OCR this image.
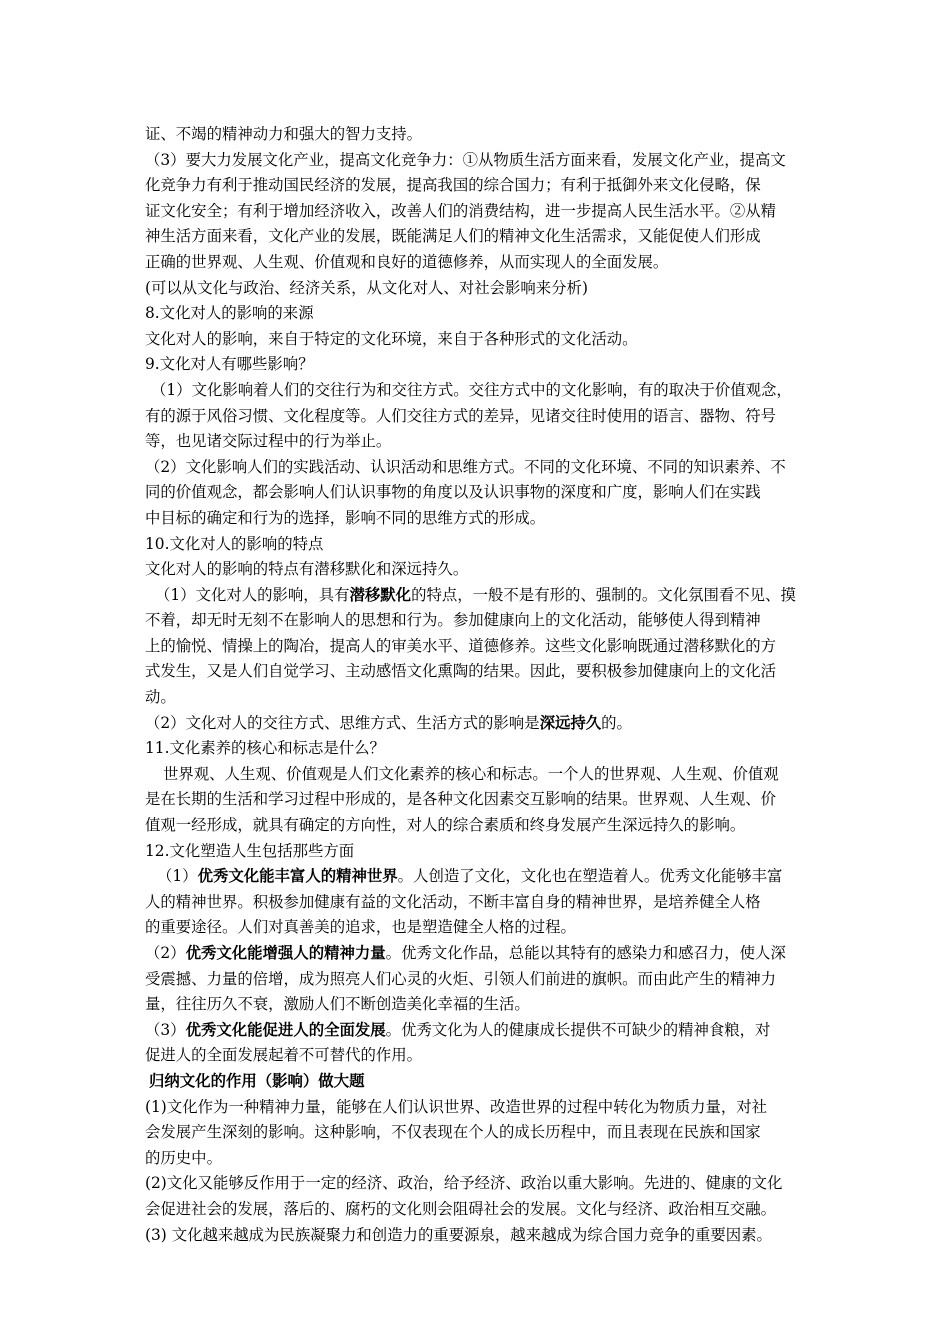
证、不竭的精神动力和强大的智力支持。
（3）要大力发展文化产业，提高文化竞争力：①从物质生活方面来看，发展文化产业，提高文
化竞争力有利于推动国民经济的发展，提高我国的综合国力；有利于抵御外来文化侵略，保
证文化安全；有利于增加经济收入，改善人们的消费结构，进一步提高人民生活水平。②从精
神生活方面来看，文化产业的发展，既能满足人们的精神文化生活需求，又能促使人们形成
正确的世界观、人生观、价值观和良好的道德修养，从而实现人的全面发展。
(可以从文化与政治、经济关系，从文化对人、对社会影响来分析)
8.文化对人的影响的来源
文化对人的影响，来自于特定的文化环境，来自于各种形式的文化活动。
9.文化对人有哪些影响？
（1）文化影响着人们的交往行为和交往方式。交往方式中的文化影响，有的取决于价值观念，
有的源于风俗习惯、文化程度等。人们交往方式的差异，见诸交往时使用的语言、器物、符号
等，也见诸交际过程中的行为举止。
（2）文化影响人们的实践活动、认识活动和思维方式。不同的文化环境、不同的知识素养、不
同的价值观念，都会影响人们认识事物的角度以及认识事物的深度和广度，影响人们在实践
中目标的确定和行为的选择，影响不同的思维方式的形成。
10.文化对人的影响的特点
文化对人的影响的特点有潜移默化和深远持久。
（1）文化对人的影响，具有潜移默化的特点，一般不是有形的、强制的。文化氛围看不见、摸
不着，却无时无刻不在影响人的思想和行为。参加健康向上的文化活动，能够使人得到精神
上的愉悦、情操上的陶冶，提高人的审美水平、道德修养。这些文化影响既通过潜移默化的方
式发生，又是人们自觉学习、主动感悟文化熏陶的结果。因此，要积极参加健康向上的文化活
动。
（2）文化对人的交往方式、思维方式、生活方式的影响是深远持久的。
11.文化素养的核心和标志是什么？
世界观、人生观、价值观是人们文化素养的核心和标志。一个人的世界观、人生观、价值观
是在长期的生活和学习过程中形成的，是各种文化因素交互影响的结果。世界观、人生观、价
值观一经形成，就具有确定的方向性，对人的综合素质和终身发展产生深远持久的影响。
12.文化塑造人生包括那些方面
（1）优秀文化能丰富人的精神世界。人创造了文化，文化也在塑造着人。优秀文化能够丰富
人的精神世界。积极参加健康有益的文化活动，不断丰富自身的精神世界，是培养健全人格
的重要途径。人们对真善美的追求，也是塑造健全人格的过程。
（2）优秀文化能增强人的精神力量。优秀文化作品，总能以其特有的感染力和感召力，使人深
受震撼、力量的倍增，成为照亮人们心灵的火炬、引领人们前进的旗帜。而由此产生的精神力
量，往往历久不衰，激励人们不断创造美化幸福的生活。
（3）优秀文化能促进人的全面发展。优秀文化为人的健康成长提供不可缺少的精神食粮，对
促进人的全面发展起着不可替代的作用。
归纳文化的作用（影响）做大题
(1)文化作为一种精神力量，能够在人们认识世界、改造世界的过程中转化为物质力量，对社
会发展产生深刻的影响。这种影响，不仅表现在个人的成长历程中，而且表现在民族和国家
的历史中。
(2)文化又能够反作用于一定的经济、政治，给予经济、政治以重大影响。先进的、健康的文化
会促进社会的发展，落后的、腐朽的文化则会阻碍社会的发展。文化与经济、政治相互交融。
(3) 文化越来越成为民族凝聚力和创造力的重要源泉，越来越成为综合国力竞争的重要因素。
